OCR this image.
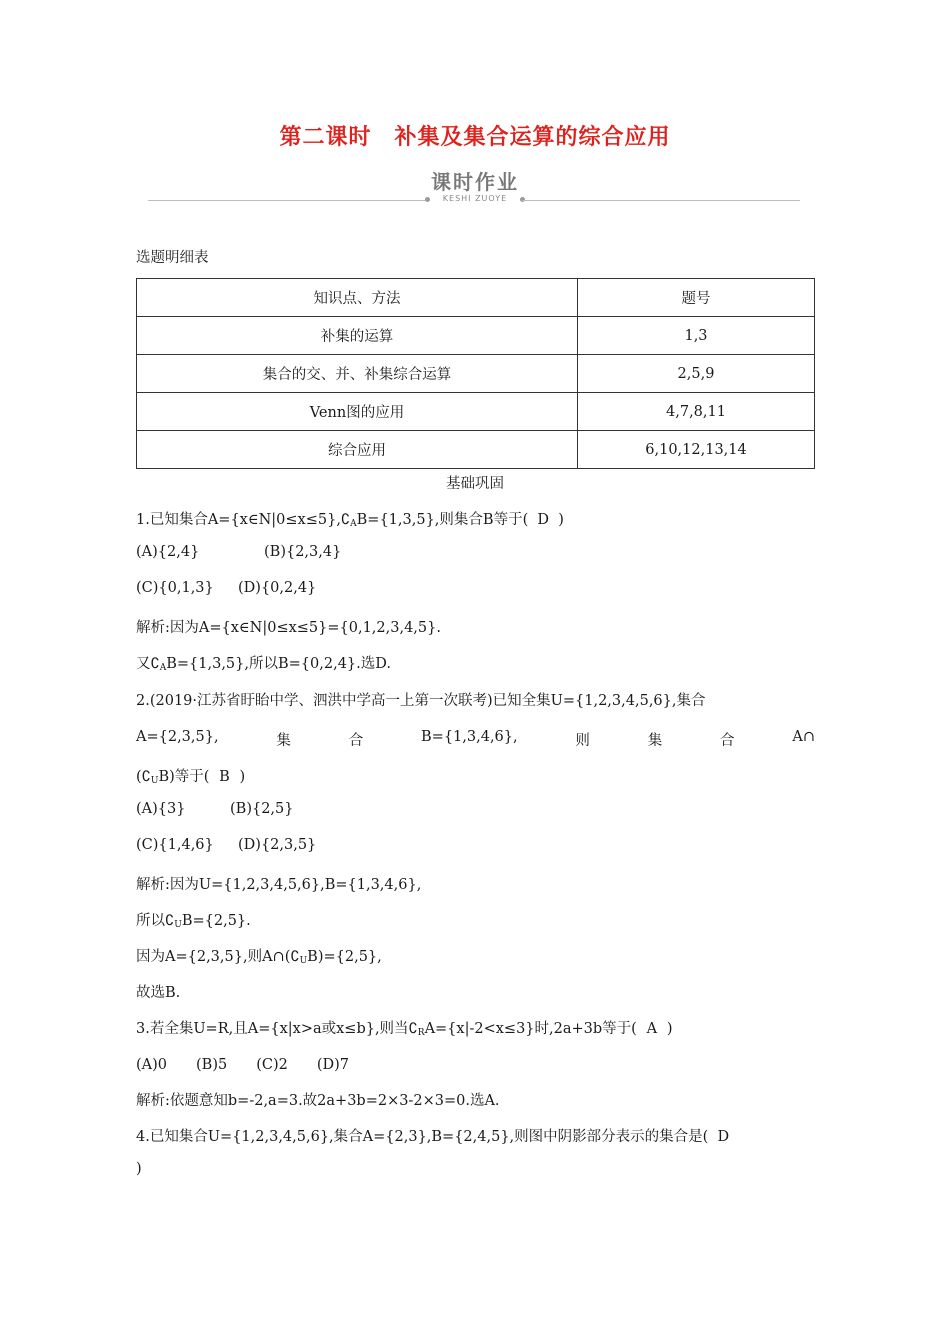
第二课时　补集及集合运算的综合应用
课时作业
KESHI ZUOYE
选题明细表
知识点、方法	题号
补集的运算	1,3
集合的交、并、补集综合运算	2,5,9
Venn图的应用	4,7,8,11
综合应用	6,10,12,13,14
基础巩固
1.已知集合$A=\{x\in N|0\le x\le 5\},∁_AB=\{1,3,5\}$,则集合B等于( D )
(A){2,4}	(B){2,3,4}
(C){0,1,3} (D){0,2,4}
解析:因为A={x∈N|0≤x≤5}={0,1,2,3,4,5}.
又$∁_AB=\{1,3,5\}$,所以B={0,2,4}.选D.
2.(2019·江苏省盱眙中学、泗洪中学高一上第一次联考)已知全集U={1,2,3,4,5,6},集合
A={2,3,5},	集	合	B={1,3,4,6},	则	集	合	A∩
$(∁_UB)$等于( B )
(A){3}	(B){2,5}
(C){1,4,6} (D){2,3,5}
解析:因为U={1,2,3,4,5,6},B={1,3,4,6},
所以$∁_UB=\{2,5\}$.
因为A={2,3,5},则$A\cap(∁_UB)=\{2,5\}$,
故选B.
3.若全集U=R,且A={x|x>a或x≤b},则当$∁_RA=\{x|-2<x\le 3\}$时,2a+3b等于( A )
(A)0　　(B)5　　(C)2　　(D)7
解析:依题意知b=-2,a=3.故2a+3b=2×3-2×3=0.选A.
4.已知集合U={1,2,3,4,5,6},集合A={2,3},B={2,4,5},则图中阴影部分表示的集合是( D
)
